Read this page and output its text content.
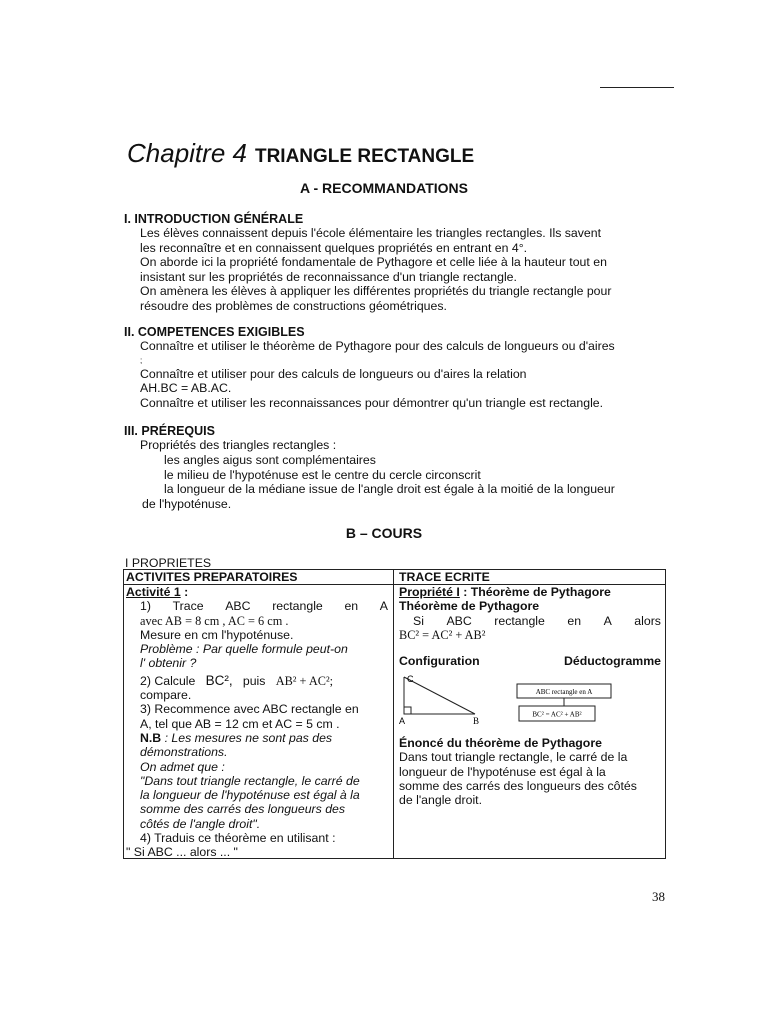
Chapitre 4 TRIANGLE RECTANGLE
A - RECOMMANDATIONS
I. INTRODUCTION GÉNÉRALE
Les élèves connaissent depuis l'école élémentaire les triangles rectangles. Ils savent
les reconnaître et en connaissent quelques propriétés en entrant en 4°.
On aborde ici la propriété fondamentale de Pythagore et celle liée à la hauteur tout en
insistant sur les propriétés de reconnaissance d'un triangle rectangle.
On amènera les élèves à appliquer les différentes propriétés du triangle rectangle pour
résoudre des problèmes de constructions géométriques.
II. COMPETENCES EXIGIBLES
Connaître et utiliser le théorème de Pythagore pour des calculs de longueurs ou d'aires
;
Connaître et utiliser pour des calculs de longueurs ou d'aires la relation
AH.BC = AB.AC.
Connaître et utiliser les reconnaissances pour démontrer qu'un triangle est rectangle.
III. PRÉREQUIS
Propriétés des triangles rectangles :
les angles aigus sont complémentaires
le milieu de l'hypoténuse est le centre du cercle circonscrit
la longueur de la médiane issue de l'angle droit est égale à la moitié de la longueur
de l'hypoténuse.
B – COURS
I PROPRIETES
ACTIVITES PREPARATOIRES	TRACE ECRITE
Activité 1 :
1) Trace ABC rectangle en A
avec AB = 8 cm , AC = 6 cm .
Mesure en cm l'hypoténuse.
Problème : Par quelle formule peut-on
l' obtenir ?
2) Calcule BC², puis AB² + AC²;
compare.
3) Recommence avec ABC rectangle en
A, tel que AB = 12 cm et AC = 5 cm .
N.B : Les mesures ne sont pas des
démonstrations.
On admet que :
"Dans tout triangle rectangle, le carré de
la longueur de l'hypoténuse est égal à la
somme des carrés des longueurs des
côtés de l'angle droit".
4) Traduis ce théorème en utilisant :
" Si ABC ... alors ... "
Propriété I : Théorème de Pythagore
Théorème de Pythagore
Si ABC rectangle en A alors
BC² = AC² + AB²
Configuration	Déductogramme
C
A	B
ABC rectangle en A
BC² = AC² + AB²
Énoncé du théorème de Pythagore
Dans tout triangle rectangle, le carré de la
longueur de l'hypoténuse est égal à la
somme des carrés des longueurs des côtés
de l'angle droit.
38
